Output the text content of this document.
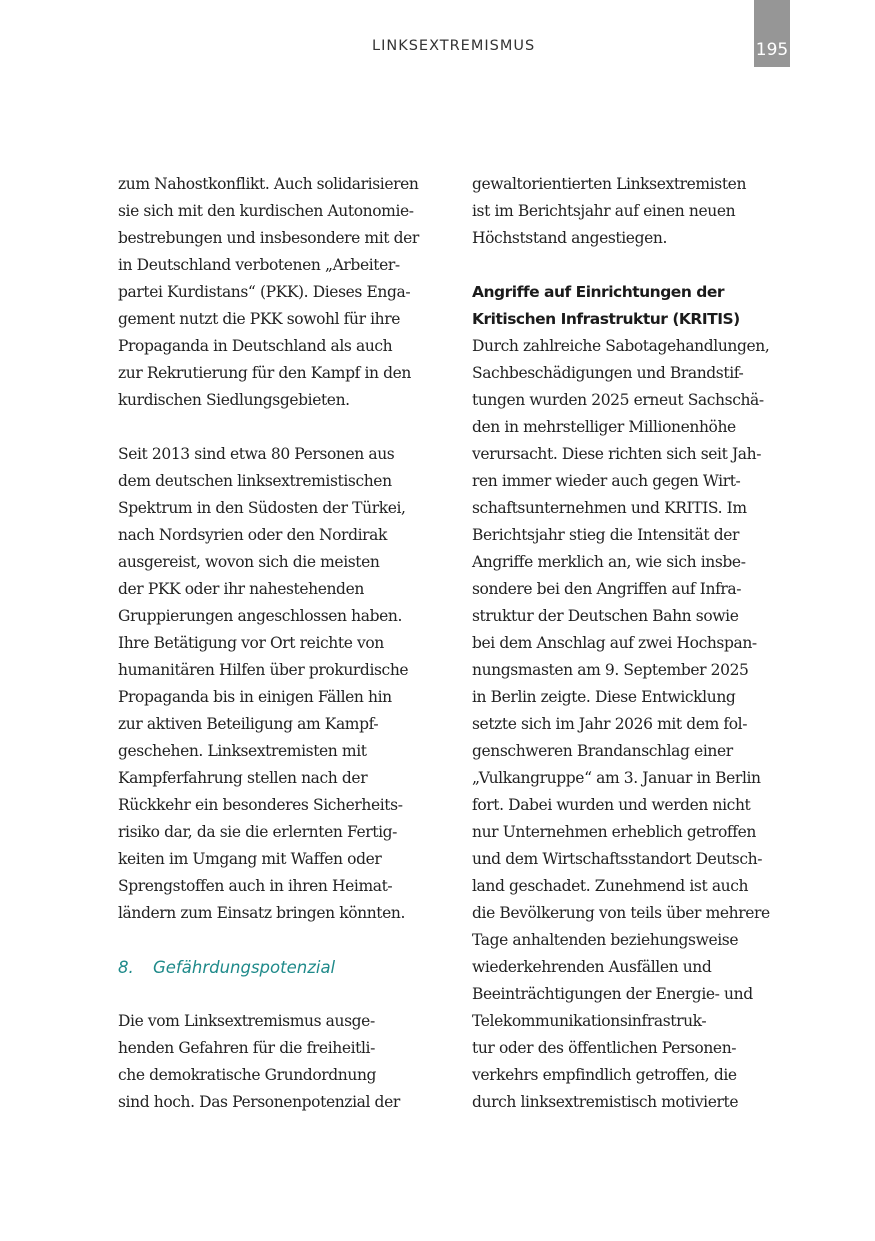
LINKSEXTREMISMUS	195
zum Nahostkonflikt. Auch solidarisieren
sie sich mit den kurdischen Autonomie-
bestrebungen und insbesondere mit der
in Deutschland verbotenen „Arbeiter-
partei Kurdistans“ (PKK). Dieses Enga-
gement nutzt die PKK sowohl für ihre
Propaganda in Deutschland als auch
zur Rekrutierung für den Kampf in den
kurdischen Siedlungsgebieten.
Seit 2013 sind etwa 80 Personen aus
dem deutschen linksextremistischen
Spektrum in den Südosten der Türkei,
nach Nordsyrien oder den Nordirak
ausgereist, wovon sich die meisten
der PKK oder ihr nahestehenden
Gruppierungen angeschlossen haben.
Ihre Betätigung vor Ort reichte von
humanitären Hilfen über prokurdische
Propaganda bis in einigen Fällen hin
zur aktiven Beteiligung am Kampf-
geschehen. Linksextremisten mit
Kampferfahrung stellen nach der
Rückkehr ein besonderes Sicherheits-
risiko dar, da sie die erlernten Fertig-
keiten im Umgang mit Waffen oder
Sprengstoffen auch in ihren Heimat-
ländern zum Einsatz bringen könnten.
8. Gefährdungspotenzial
Die vom Linksextremismus ausge-
henden Gefahren für die freiheitli-
che demokratische Grundordnung
sind hoch. Das Personenpotenzial der
gewaltorientierten Linksextremisten
ist im Berichtsjahr auf einen neuen
Höchststand angestiegen.
Angriffe auf Einrichtungen der
Kritischen Infrastruktur (KRITIS)
Durch zahlreiche Sabotagehandlungen,
Sachbeschädigungen und Brandstif-
tungen wurden 2025 erneut Sachschä-
den in mehrstelliger Millionenhöhe
verursacht. Diese richten sich seit Jah-
ren immer wieder auch gegen Wirt-
schaftsunternehmen und KRITIS. Im
Berichtsjahr stieg die Intensität der
Angriffe merklich an, wie sich insbe-
sondere bei den Angriffen auf Infra-
struktur der Deutschen Bahn sowie
bei dem Anschlag auf zwei Hochspan-
nungsmasten am 9. September 2025
in Berlin zeigte. Diese Entwicklung
setzte sich im Jahr 2026 mit dem fol-
genschweren Brandanschlag einer
„Vulkangruppe“ am 3. Januar in Berlin
fort. Dabei wurden und werden nicht
nur Unternehmen erheblich getroffen
und dem Wirtschaftsstandort Deutsch-
land geschadet. Zunehmend ist auch
die Bevölkerung von teils über mehrere
Tage anhaltenden beziehungsweise
wiederkehrenden Ausfällen und
Beeinträchtigungen der Energie- und
Telekommunikationsinfrastruk-
tur oder des öffentlichen Personen-
verkehrs empfindlich getroffen, die
durch linksextremistisch motivierte
